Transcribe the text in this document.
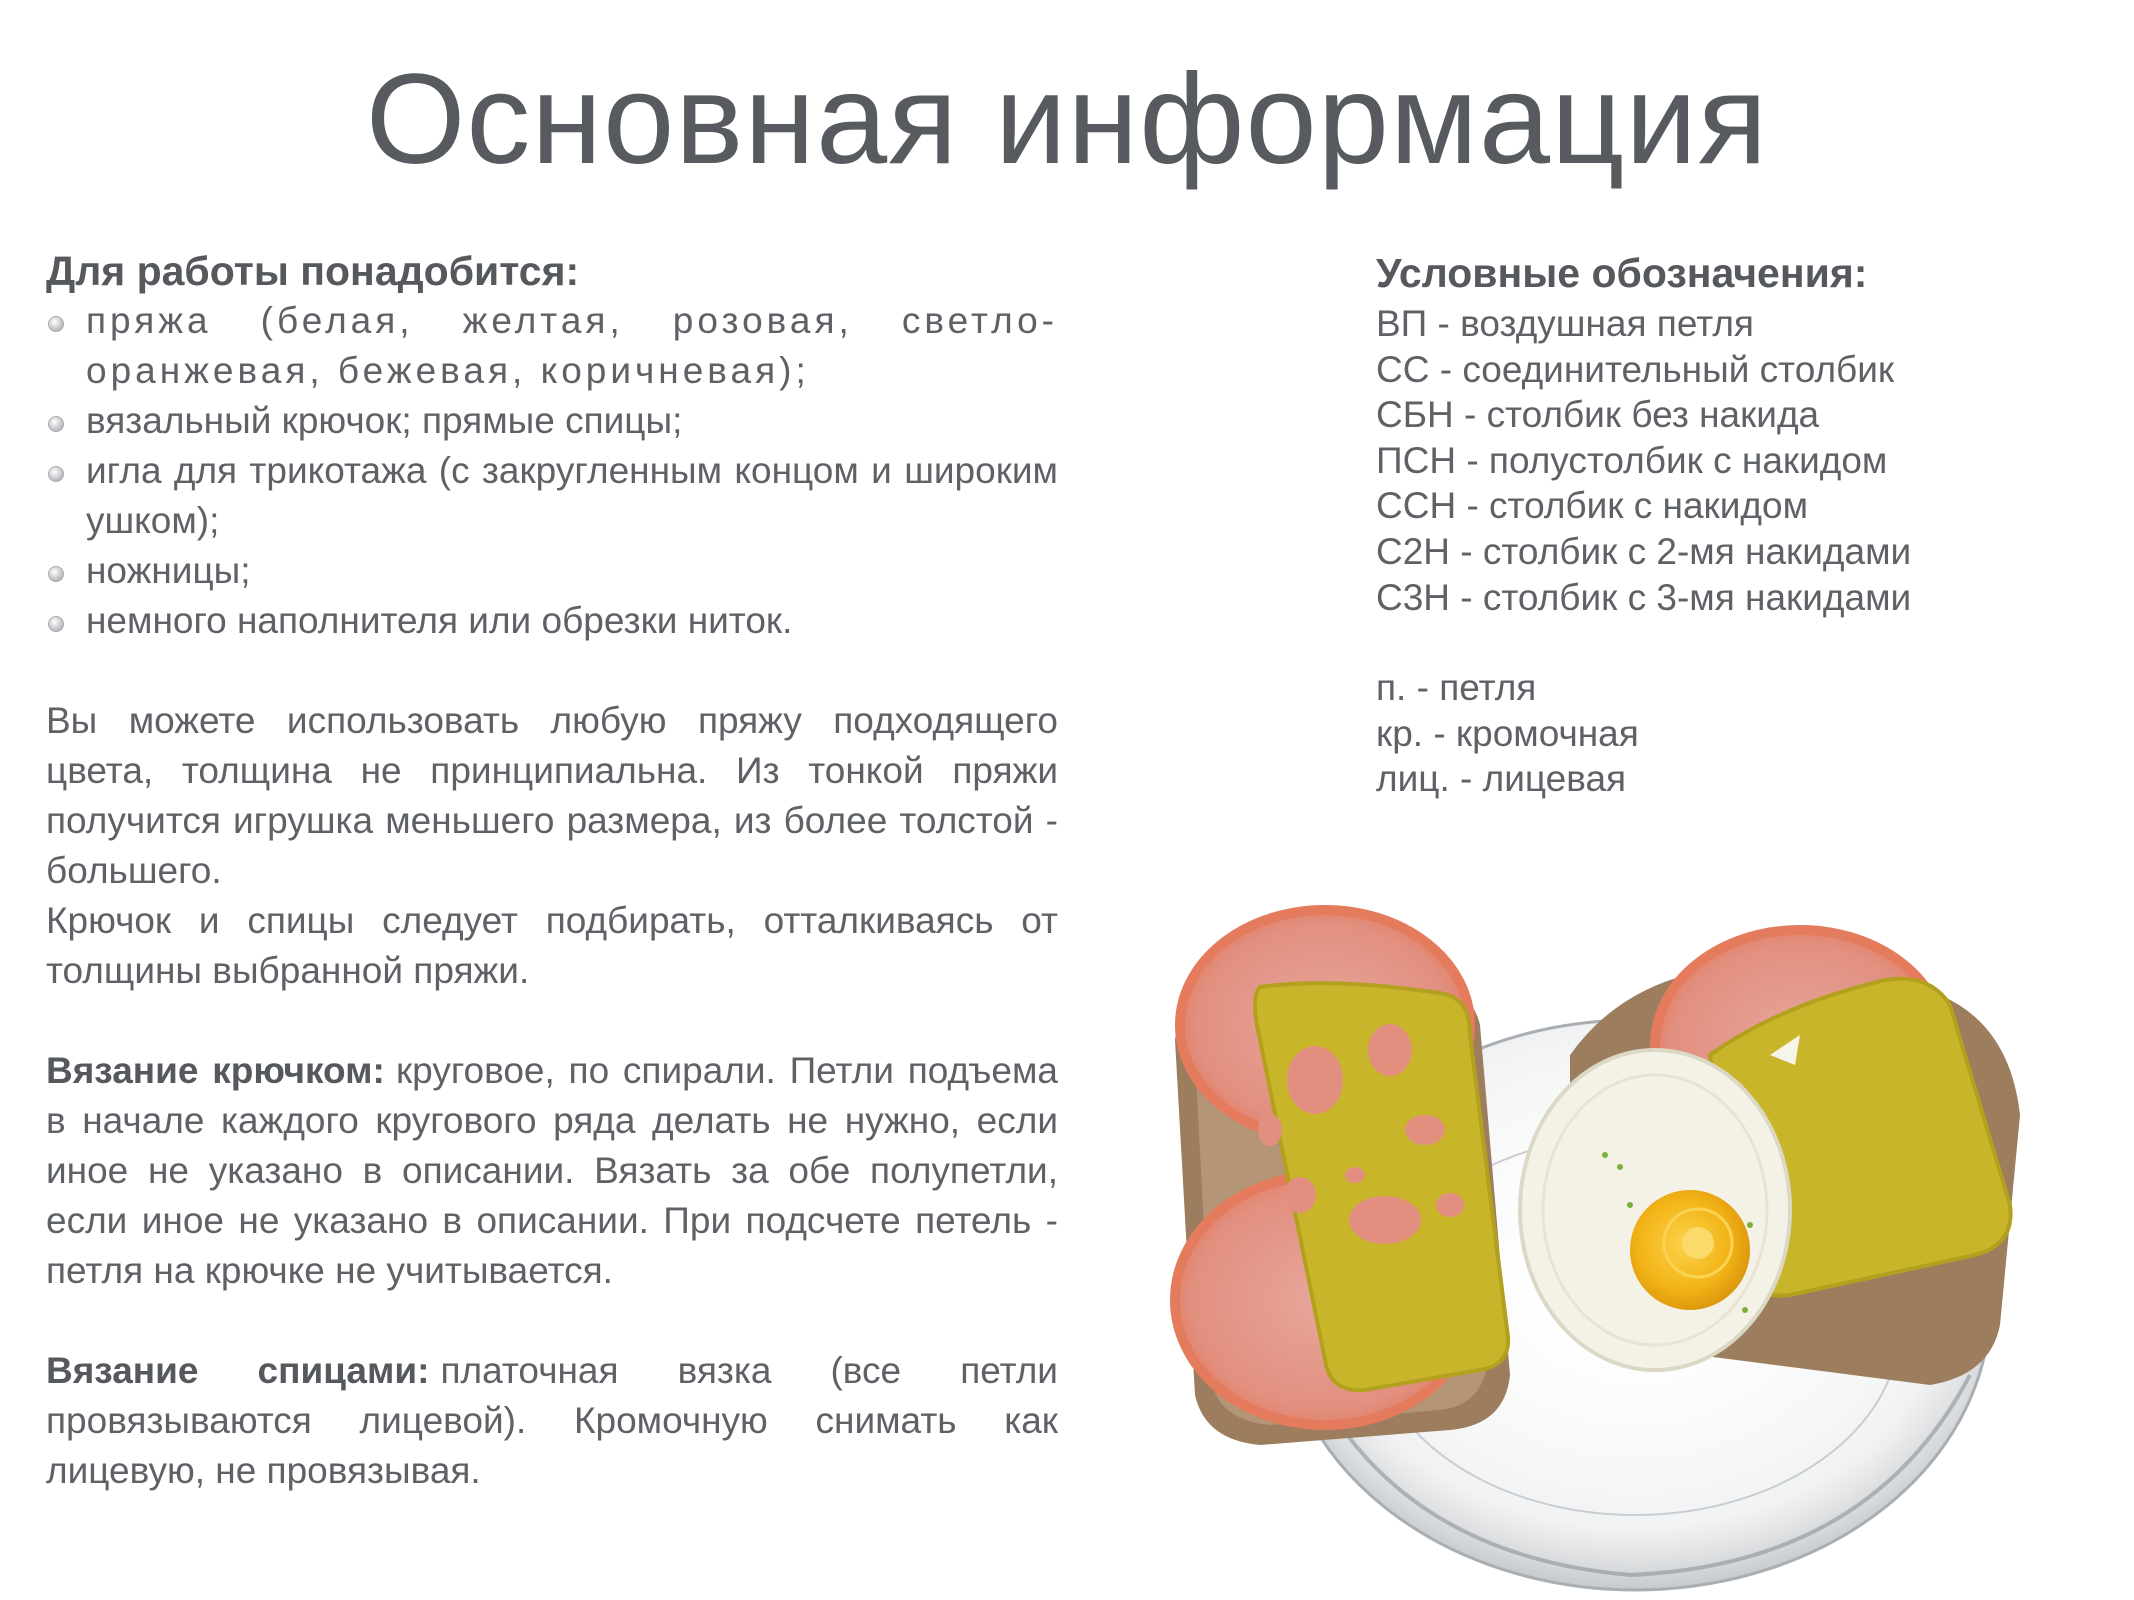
Основная информация
Для работы понадобится:
пряжа (белая, желтая, розовая, светло-оранжевая, бежевая, коричневая);
вязальный крючок; прямые спицы;
игла для трикотажа (с закругленным концом и широким ушком);
ножницы;
немного наполнителя или обрезки ниток.

Вы можете использовать любую пряжу подходящего цвета, толщина не принципиальна. Из тонкой пряжи получится игрушка меньшего размера, из более толстой - большего.

Крючок и спицы следует подбирать, отталкиваясь от толщины выбранной пряжи.

Вязание крючком: круговое, по спирали. Петли подъема в начале каждого кругового ряда делать не нужно, если иное не указано в описании. Вязать за обе полупетли, если иное не указано в описании. При подсчете петель - петля на крючке не учитывается.

Вязание спицами: платочная вязка (все петли провязываются лицевой). Кромочную снимать как лицевую, не провязывая.

Условные обозначения:
ВП - воздушная петля
СС - соединительный столбик
СБН - столбик без накида
ПСН - полустолбик с накидом
ССН - столбик с накидом
С2Н - столбик с 2-мя накидами
С3Н - столбик с 3-мя накидами
п. - петля
кр. - кромочная
лиц. - лицевая
